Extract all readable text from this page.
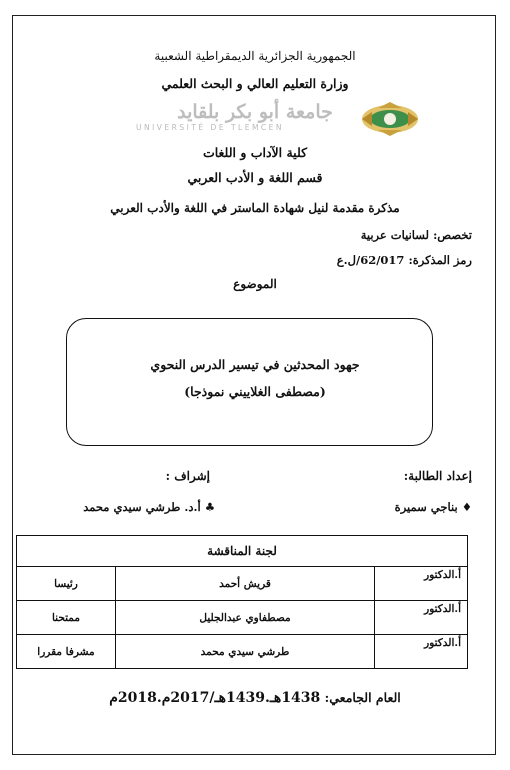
الجمهورية الجزائرية الديمقراطية الشعبية
وزارة التعليم العالي و البحث العلمي
جامعة أبو بكر بلقايد
UNIVERSITÉ DE TLEMCEN
كلية الآداب و اللغات
قسم اللغة و الأدب العربي
مذكرة مقدمة لنيل شهادة الماستر في اللغة والأدب العربي
تخصص: لسانيات عربية
رمز المذكرة: 62/017/ل.ع
الموضوع
جهود المحدثين في تيسير الدرس النحوي
(مصطفى الغلاييني نموذجا)
إعداد الطالبة:
إشراف :
♦ بناجي سميرة
♣ أ.د. طرشي سيدي محمد
لجنة المناقشة		
أ.الدكتور	قريش أحمد	رئيسا
أ.الدكتور	مصطفاوي عبدالجليل	ممتحنا
أ.الدكتور	طرشي سيدي محمد	مشرفا مقررا
العام الجامعي: 1438هـ.1439هـ/2017م.2018م
